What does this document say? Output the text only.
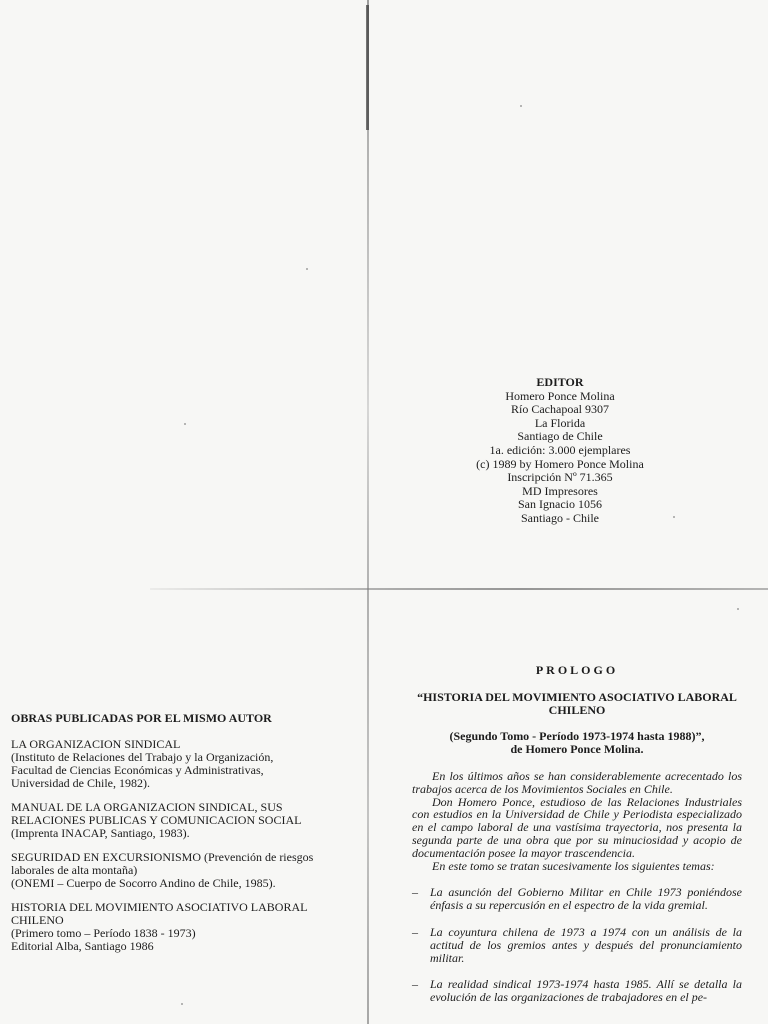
EDITOR
Homero Ponce Molina
Río Cachapoal 9307
La Florida
Santiago de Chile
1a. edición: 3.000 ejemplares
(c) 1989 by Homero Ponce Molina
Inscripción Nº 71.365
MD Impresores
San Ignacio 1056
Santiago - Chile
OBRAS PUBLICADAS POR EL MISMO AUTOR
LA ORGANIZACION SINDICAL
(Instituto de Relaciones del Trabajo y la Organización,
Facultad de Ciencias Económicas y Administrativas,
Universidad de Chile, 1982).
MANUAL DE LA ORGANIZACION SINDICAL, SUS
RELACIONES PUBLICAS Y COMUNICACION SOCIAL
(Imprenta INACAP, Santiago, 1983).
SEGURIDAD EN EXCURSIONISMO (Prevención de riesgos
laborales de alta montaña)
(ONEMI – Cuerpo de Socorro Andino de Chile, 1985).
HISTORIA DEL MOVIMIENTO ASOCIATIVO LABORAL
CHILENO
(Primero tomo – Período 1838 - 1973)
Editorial Alba, Santiago 1986
PROLOGO
“HISTORIA DEL MOVIMIENTO ASOCIATIVO LABORAL CHILENO
(Segundo Tomo - Período 1973-1974 hasta 1988)”,
de Homero Ponce Molina.

En los últimos años se han considerablemente acrecentado los trabajos acerca de los Movimientos Sociales en Chile.

Don Homero Ponce, estudioso de las Relaciones Industriales con estudios en la Universidad de Chile y Periodista especializado en el campo laboral de una vastísima trayectoria, nos presenta la segunda parte de una obra que por su minuciosidad y acopio de documentación posee la mayor trascendencia.

En este tomo se tratan sucesivamente los siguientes temas:

– La asunción del Gobierno Militar en Chile 1973 poniéndose énfasis a su repercusión en el espectro de la vida gremial.
– La coyuntura chilena de 1973 a 1974 con un análisis de la actitud de los gremios antes y después del pronunciamiento militar.
– La realidad sindical 1973-1974 hasta 1985. Allí se detalla la evolución de las organizaciones de trabajadores en el pe-
